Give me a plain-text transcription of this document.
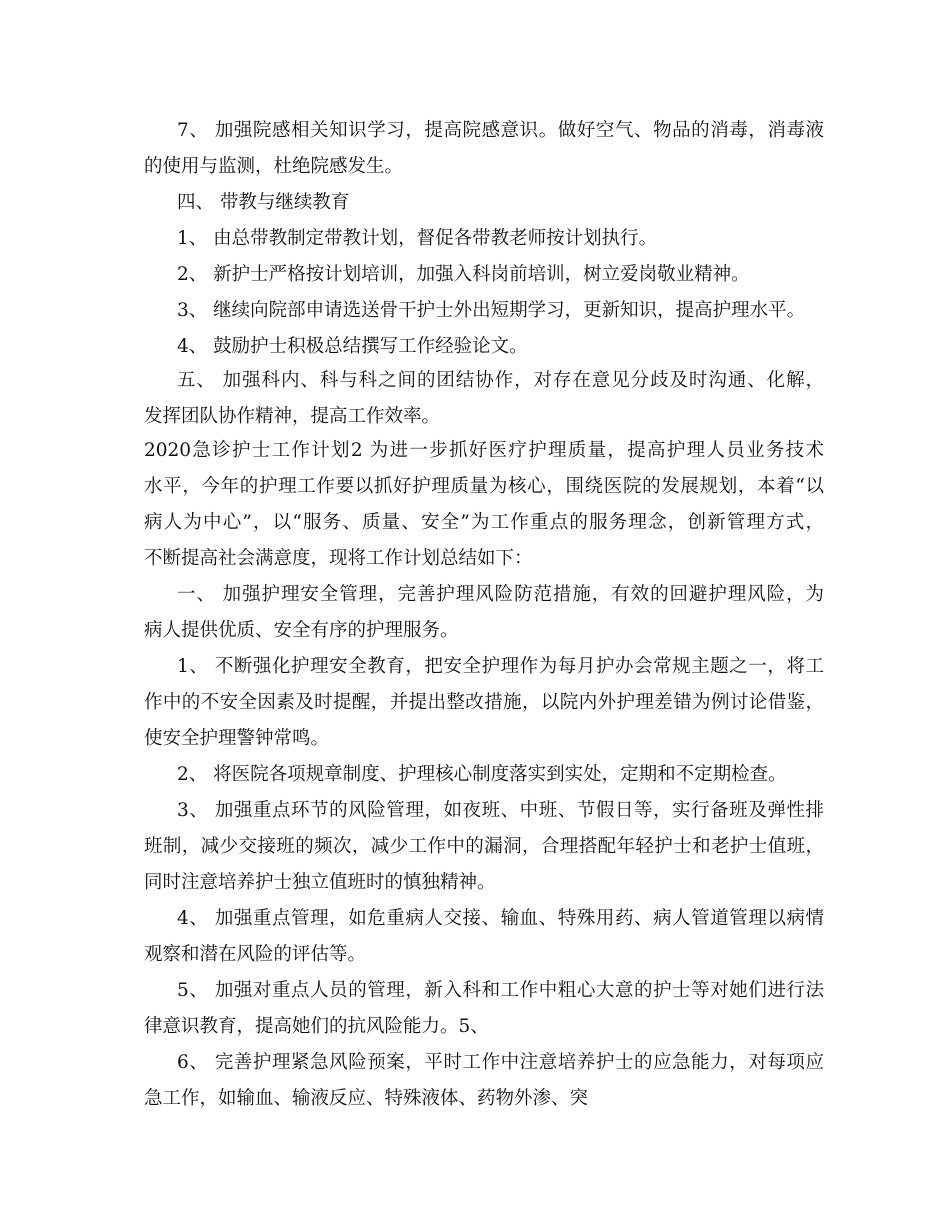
7、 加强院感相关知识学习，提高院感意识。做好空气、物品的消毒，消毒液
的使用与监测，杜绝院感发生。
四、 带教与继续教育
1、 由总带教制定带教计划，督促各带教老师按计划执行。
2、 新护士严格按计划培训，加强入科岗前培训，树立爱岗敬业精神。
3、 继续向院部申请选送骨干护士外出短期学习，更新知识，提高护理水平。
4、 鼓励护士积极总结撰写工作经验论文。
五、 加强科内、科与科之间的团结协作，对存在意见分歧及时沟通、化解，
发挥团队协作精神，提高工作效率。
2020急诊护士工作计划2 为进一步抓好医疗护理质量，提高护理人员业务技术
水平，今年的护理工作要以抓好护理质量为核心，围绕医院的发展规划，本着“以
病人为中心”，以“服务、质量、安全”为工作重点的服务理念，创新管理方式，
不断提高社会满意度，现将工作计划总结如下：
一、 加强护理安全管理，完善护理风险防范措施，有效的回避护理风险，为
病人提供优质、安全有序的护理服务。
1、 不断强化护理安全教育，把安全护理作为每月护办会常规主题之一，将工
作中的不安全因素及时提醒，并提出整改措施，以院内外护理差错为例讨论借鉴，
使安全护理警钟常鸣。
2、 将医院各项规章制度、护理核心制度落实到实处，定期和不定期检查。
3、 加强重点环节的风险管理，如夜班、中班、节假日等，实行备班及弹性排
班制，减少交接班的频次，减少工作中的漏洞，合理搭配年轻护士和老护士值班，
同时注意培养护士独立值班时的慎独精神。
4、 加强重点管理，如危重病人交接、输血、特殊用药、病人管道管理以病情
观察和潜在风险的评估等。
5、 加强对重点人员的管理，新入科和工作中粗心大意的护士等对她们进行法
律意识教育，提高她们的抗风险能力。5、
6、 完善护理紧急风险预案，平时工作中注意培养护士的应急能力，对每项应
急工作，如输血、输液反应、特殊液体、药物外渗、突
